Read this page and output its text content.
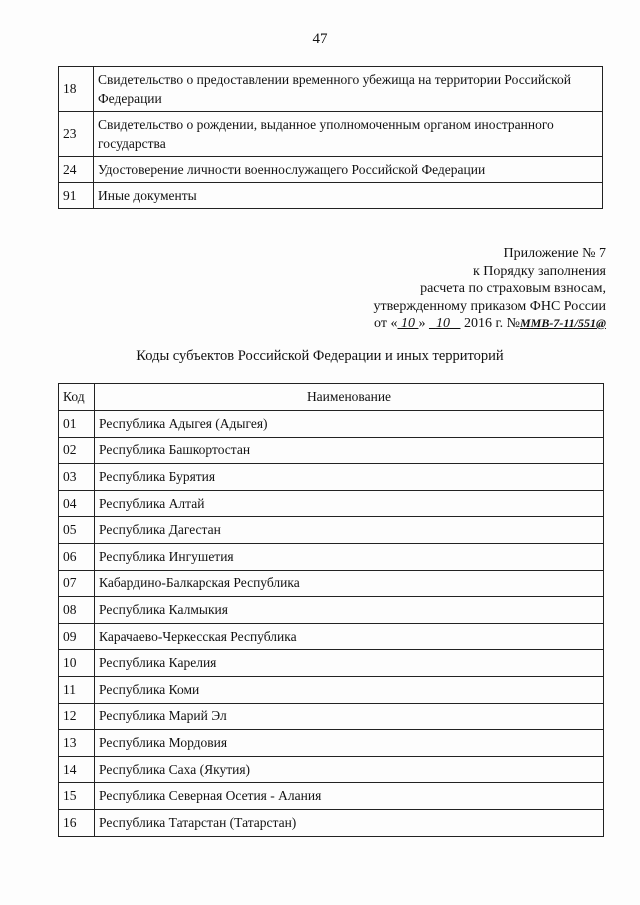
47
18	Свидетельство о предоставлении временного убежища на территории Российской Федерации
23	Свидетельство о рождении, выданное уполномоченным органом иностранного государства
24	Удостоверение личности военнослужащего Российской Федерации
91	Иные документы
Приложение № 7
к Порядку заполнения
расчета по страховым взносам,
утвержденному приказом ФНС России
от « 10 » 10 2016 г. №ММВ-7-11/551@
Коды субъектов Российской Федерации и иных территорий
Код	Наименование
01	Республика Адыгея (Адыгея)
02	Республика Башкортостан
03	Республика Бурятия
04	Республика Алтай
05	Республика Дагестан
06	Республика Ингушетия
07	Кабардино-Балкарская Республика
08	Республика Калмыкия
09	Карачаево-Черкесская Республика
10	Республика Карелия
11	Республика Коми
12	Республика Марий Эл
13	Республика Мордовия
14	Республика Саха (Якутия)
15	Республика Северная Осетия - Алания
16	Республика Татарстан (Татарстан)
